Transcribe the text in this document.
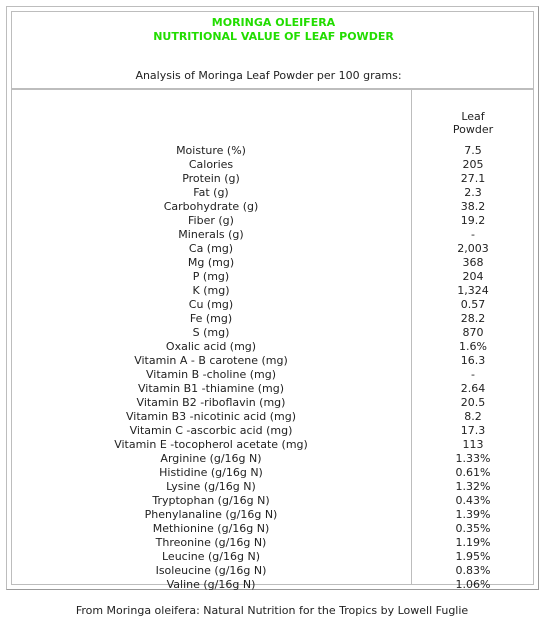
MORINGA OLEIFERA
NUTRITIONAL VALUE OF LEAF POWDER
Analysis of Moringa Leaf Powder per 100 grams:
Leaf
Powder
Moisture (%)	7.5
Calories	205
Protein (g)	27.1
Fat (g)	2.3
Carbohydrate (g)	38.2
Fiber (g)	19.2
Minerals (g)	-
Ca (mg)	2,003
Mg (mg)	368
P (mg)	204
K (mg)	1,324
Cu (mg)	0.57
Fe (mg)	28.2
S (mg)	870
Oxalic acid (mg)	1.6%
Vitamin A - B carotene (mg)	16.3
Vitamin B -choline (mg)	-
Vitamin B1 -thiamine (mg)	2.64
Vitamin B2 -riboflavin (mg)	20.5
Vitamin B3 -nicotinic acid (mg)	8.2
Vitamin C -ascorbic acid (mg)	17.3
Vitamin E -tocopherol acetate (mg)	113
Arginine (g/16g N)	1.33%
Histidine (g/16g N)	0.61%
Lysine (g/16g N)	1.32%
Tryptophan (g/16g N)	0.43%
Phenylanaline (g/16g N)	1.39%
Methionine (g/16g N)	0.35%
Threonine (g/16g N)	1.19%
Leucine (g/16g N)	1.95%
Isoleucine (g/16g N)	0.83%
Valine (g/16g N)	1.06%
From Moringa oleifera: Natural Nutrition for the Tropics by Lowell Fuglie
